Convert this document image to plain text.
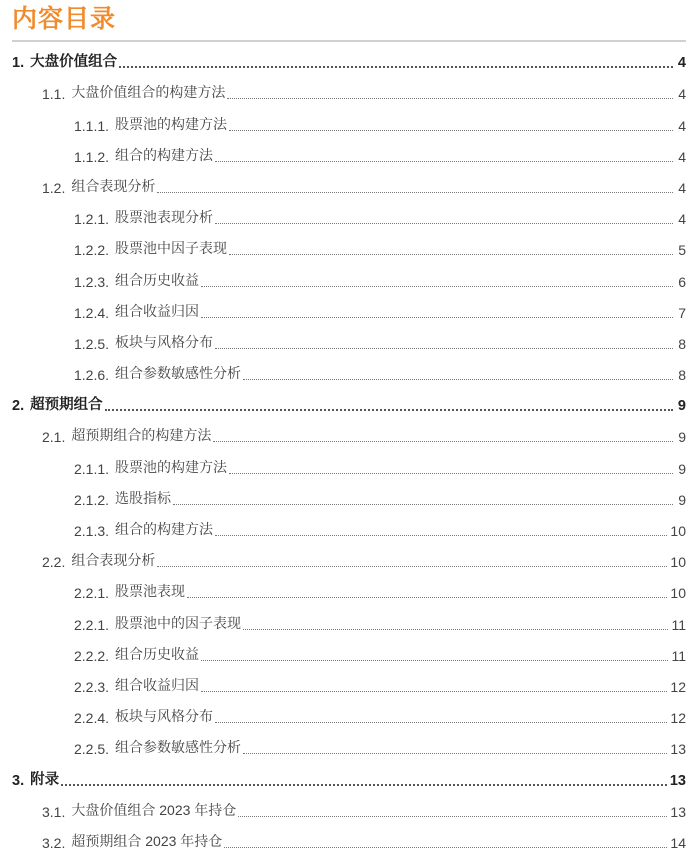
内容目录
1. 大盘价值组合	4
1.1. 大盘价值组合的构建方法	4
1.1.1. 股票池的构建方法	4
1.1.2. 组合的构建方法	4
1.2. 组合表现分析	4
1.2.1. 股票池表现分析	4
1.2.2. 股票池中因子表现	5
1.2.3. 组合历史收益	6
1.2.4. 组合收益归因	7
1.2.5. 板块与风格分布	8
1.2.6. 组合参数敏感性分析	8
2. 超预期组合	9
2.1. 超预期组合的构建方法	9
2.1.1. 股票池的构建方法	9
2.1.2. 选股指标	9
2.1.3. 组合的构建方法	10
2.2. 组合表现分析	10
2.2.1. 股票池表现	10
2.2.1. 股票池中的因子表现	11
2.2.2. 组合历史收益	11
2.2.3. 组合收益归因	12
2.2.4. 板块与风格分布	12
2.2.5. 组合参数敏感性分析	13
3. 附录	13
3.1. 大盘价值组合 2023 年持仓	13
3.2. 超预期组合 2023 年持仓	14
